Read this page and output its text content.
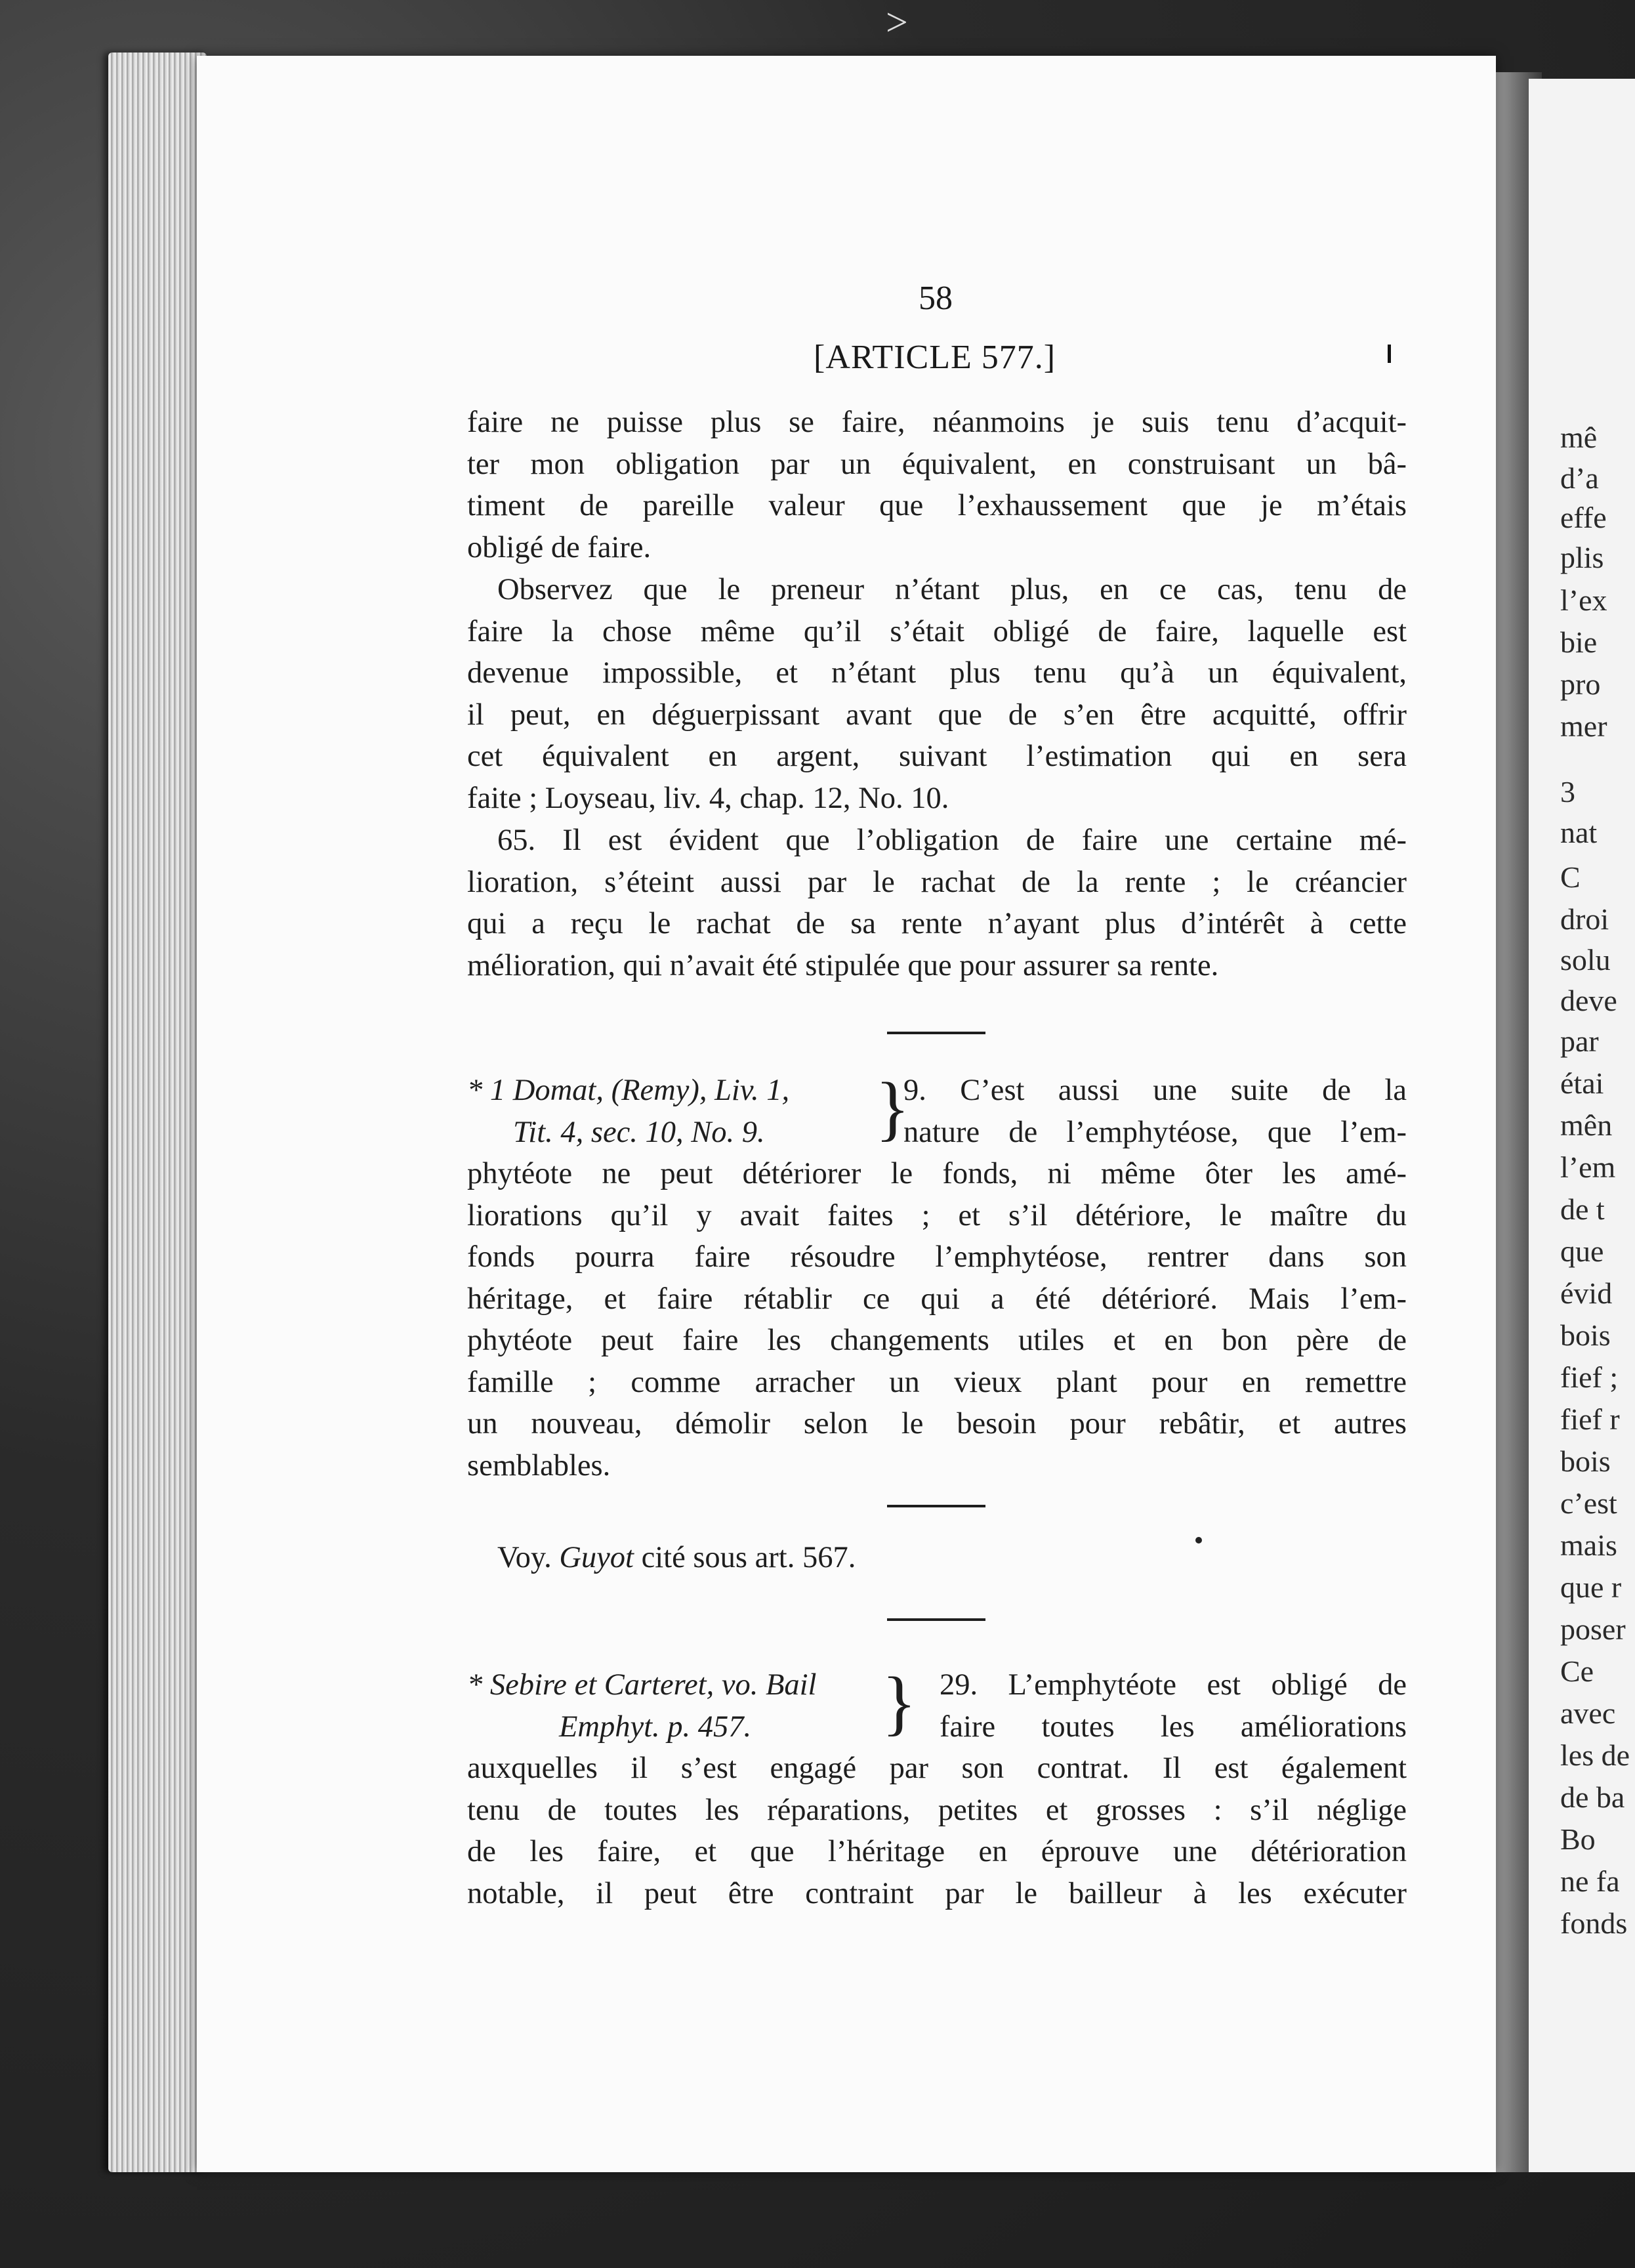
mê
d’a
effe
plis
l’ex
bie
pro
mer
3
nat
C
droi
solu
deve
par
étai
mên
l’em
de t
que
évid
bois
fief ;
fief r
bois
c’est
mais
que r
poser
Ce
avec
les de
de ba
Bo
ne fa
fonds
58
[ARTICLE 577.]
faire ne puisse plus se faire, néanmoins je suis tenu d’acquit-
ter mon obligation par un équivalent, en construisant un bâ-
timent de pareille valeur que l’exhaussement que je m’étais
obligé de faire.
Observez que le preneur n’étant plus, en ce cas, tenu de
faire la chose même qu’il s’était obligé de faire, laquelle est
devenue impossible, et n’étant plus tenu qu’à un équivalent,
il peut, en déguerpissant avant que de s’en être acquitté, offrir
cet équivalent en argent, suivant l’estimation qui en sera
faite ; Loyseau, liv. 4, chap. 12, No. 10.
65. Il est évident que l’obligation de faire une certaine mé-
lioration, s’éteint aussi par le rachat de la rente ; le créancier
qui a reçu le rachat de sa rente n’ayant plus d’intérêt à cette
mélioration, qui n’avait été stipulée que pour assurer sa rente.
* 1 Domat, (Remy), Liv. 1,
Tit. 4, sec. 10, No. 9.	}
9. C’est aussi une suite de la
nature de l’emphytéose, que l’em-
phytéote ne peut détériorer le fonds, ni même ôter les amé-
liorations qu’il y avait faites ; et s’il détériore, le maître du
fonds pourra faire résoudre l’emphytéose, rentrer dans son
héritage, et faire rétablir ce qui a été détérioré. Mais l’em-
phytéote peut faire les changements utiles et en bon père de
famille ; comme arracher un vieux plant pour en remettre
un nouveau, démolir selon le besoin pour rebâtir, et autres
semblables.
Voy. Guyot cité sous art. 567.
* Sebire et Carteret, vo. Bail
Emphyt. p. 457.	} 29. L’emphytéote est obligé de
faire toutes les améliorations
auxquelles il s’est engagé par son contrat. Il est également
tenu de toutes les réparations, petites et grosses : s’il néglige
de les faire, et que l’héritage en éprouve une détérioration
notable, il peut être contraint par le bailleur à les exécuter
>
